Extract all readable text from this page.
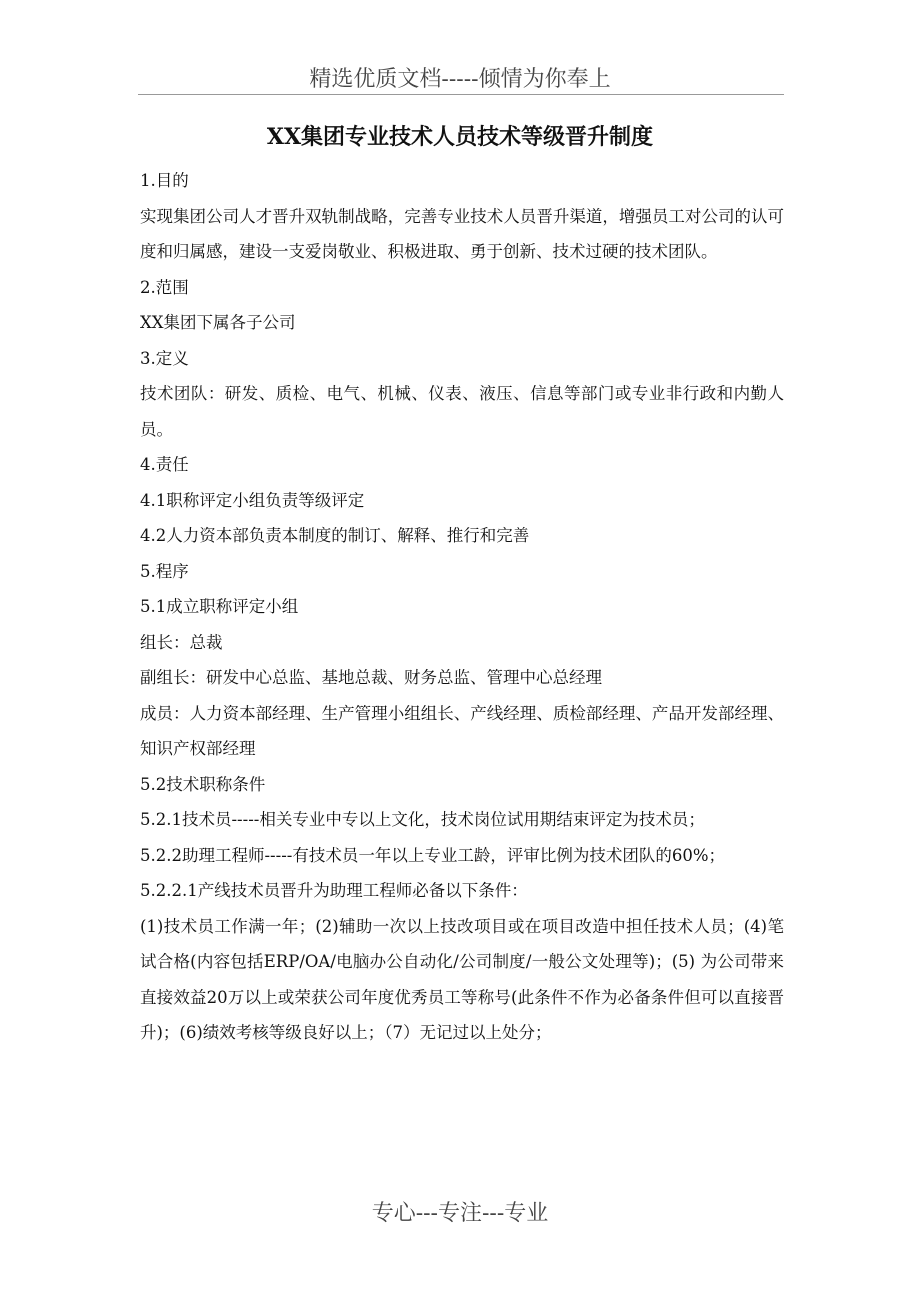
精选优质文档-----倾情为你奉上
XX集团专业技术人员技术等级晋升制度

1.目的

实现集团公司人才晋升双轨制战略，完善专业技术人员晋升渠道，增强员工对公司的认可度和归属感，建设一支爱岗敬业、积极进取、勇于创新、技术过硬的技术团队。

2.范围

XX集团下属各子公司

3.定义

技术团队：研发、质检、电气、机械、仪表、液压、信息等部门或专业非行政和内勤人员。

4.责任

4.1职称评定小组负责等级评定

4.2人力资本部负责本制度的制订、解释、推行和完善

5.程序

5.1成立职称评定小组

组长：总裁

副组长：研发中心总监、基地总裁、财务总监、管理中心总经理

成员：人力资本部经理、生产管理小组组长、产线经理、质检部经理、产品开发部经理、知识产权部经理

5.2技术职称条件

5.2.1技术员-----相关专业中专以上文化，技术岗位试用期结束评定为技术员；

5.2.2助理工程师-----有技术员一年以上专业工龄，评审比例为技术团队的60%；

5.2.2.1产线技术员晋升为助理工程师必备以下条件：

(1)技术员工作满一年；(2)辅助一次以上技改项目或在项目改造中担任技术人员；(4)笔试合格(内容包括ERP/OA/电脑办公自动化/公司制度/一般公文处理等)；(5) 为公司带来直接效益20万以上或荣获公司年度优秀员工等称号(此条件不作为必备条件但可以直接晋升)；(6)绩效考核等级良好以上；（7）无记过以上处分；

专心---专注---专业
